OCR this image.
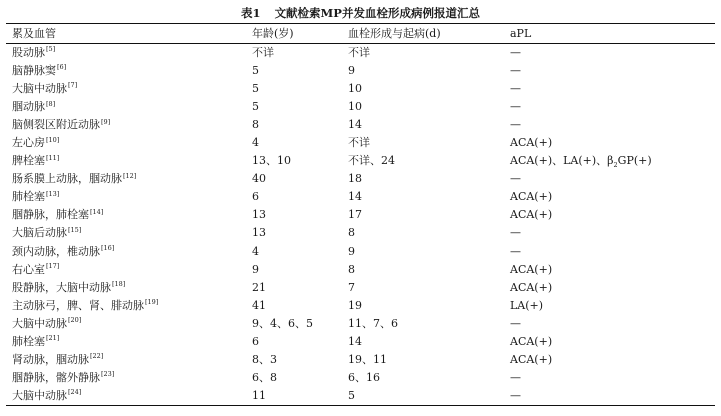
表1 文献检索MP并发血栓形成病例报道汇总
累及血管	年龄(岁)	血栓形成与起病(d)	aPL
股动脉[5]	不详	不详	—
脑静脉窦[6]	5	9	—
大脑中动脉[7]	5	10	—
腘动脉[8]	5	10	—
脑侧裂区附近动脉[9]	8	14	—
左心房[10]	4	不详	ACA(+)
脾栓塞[11]	13、10	不详、24	ACA(+)、LA(+)、$\beta_2GP(+)$
肠系膜上动脉，腘动脉[12]	40	18	—
肺栓塞[13]	6	14	ACA(+)
腘静脉，肺栓塞[14]	13	17	ACA(+)
大脑后动脉[15]	13	8	—
颈内动脉，椎动脉[16]	4	9	—
右心室[17]	9	8	ACA(+)
股静脉，大脑中动脉[18]	21	7	ACA(+)
主动脉弓，脾、肾、腓动脉[19]	41	19	LA(+)
大脑中动脉[20]	9、4、6、5	11、7、6	—
肺栓塞[21]	6	14	ACA(+)
肾动脉，腘动脉[22]	8、3	19、11	ACA(+)
腘静脉，髂外静脉[23]	6、8	6、16	—
大脑中动脉[24]	11	5	—
